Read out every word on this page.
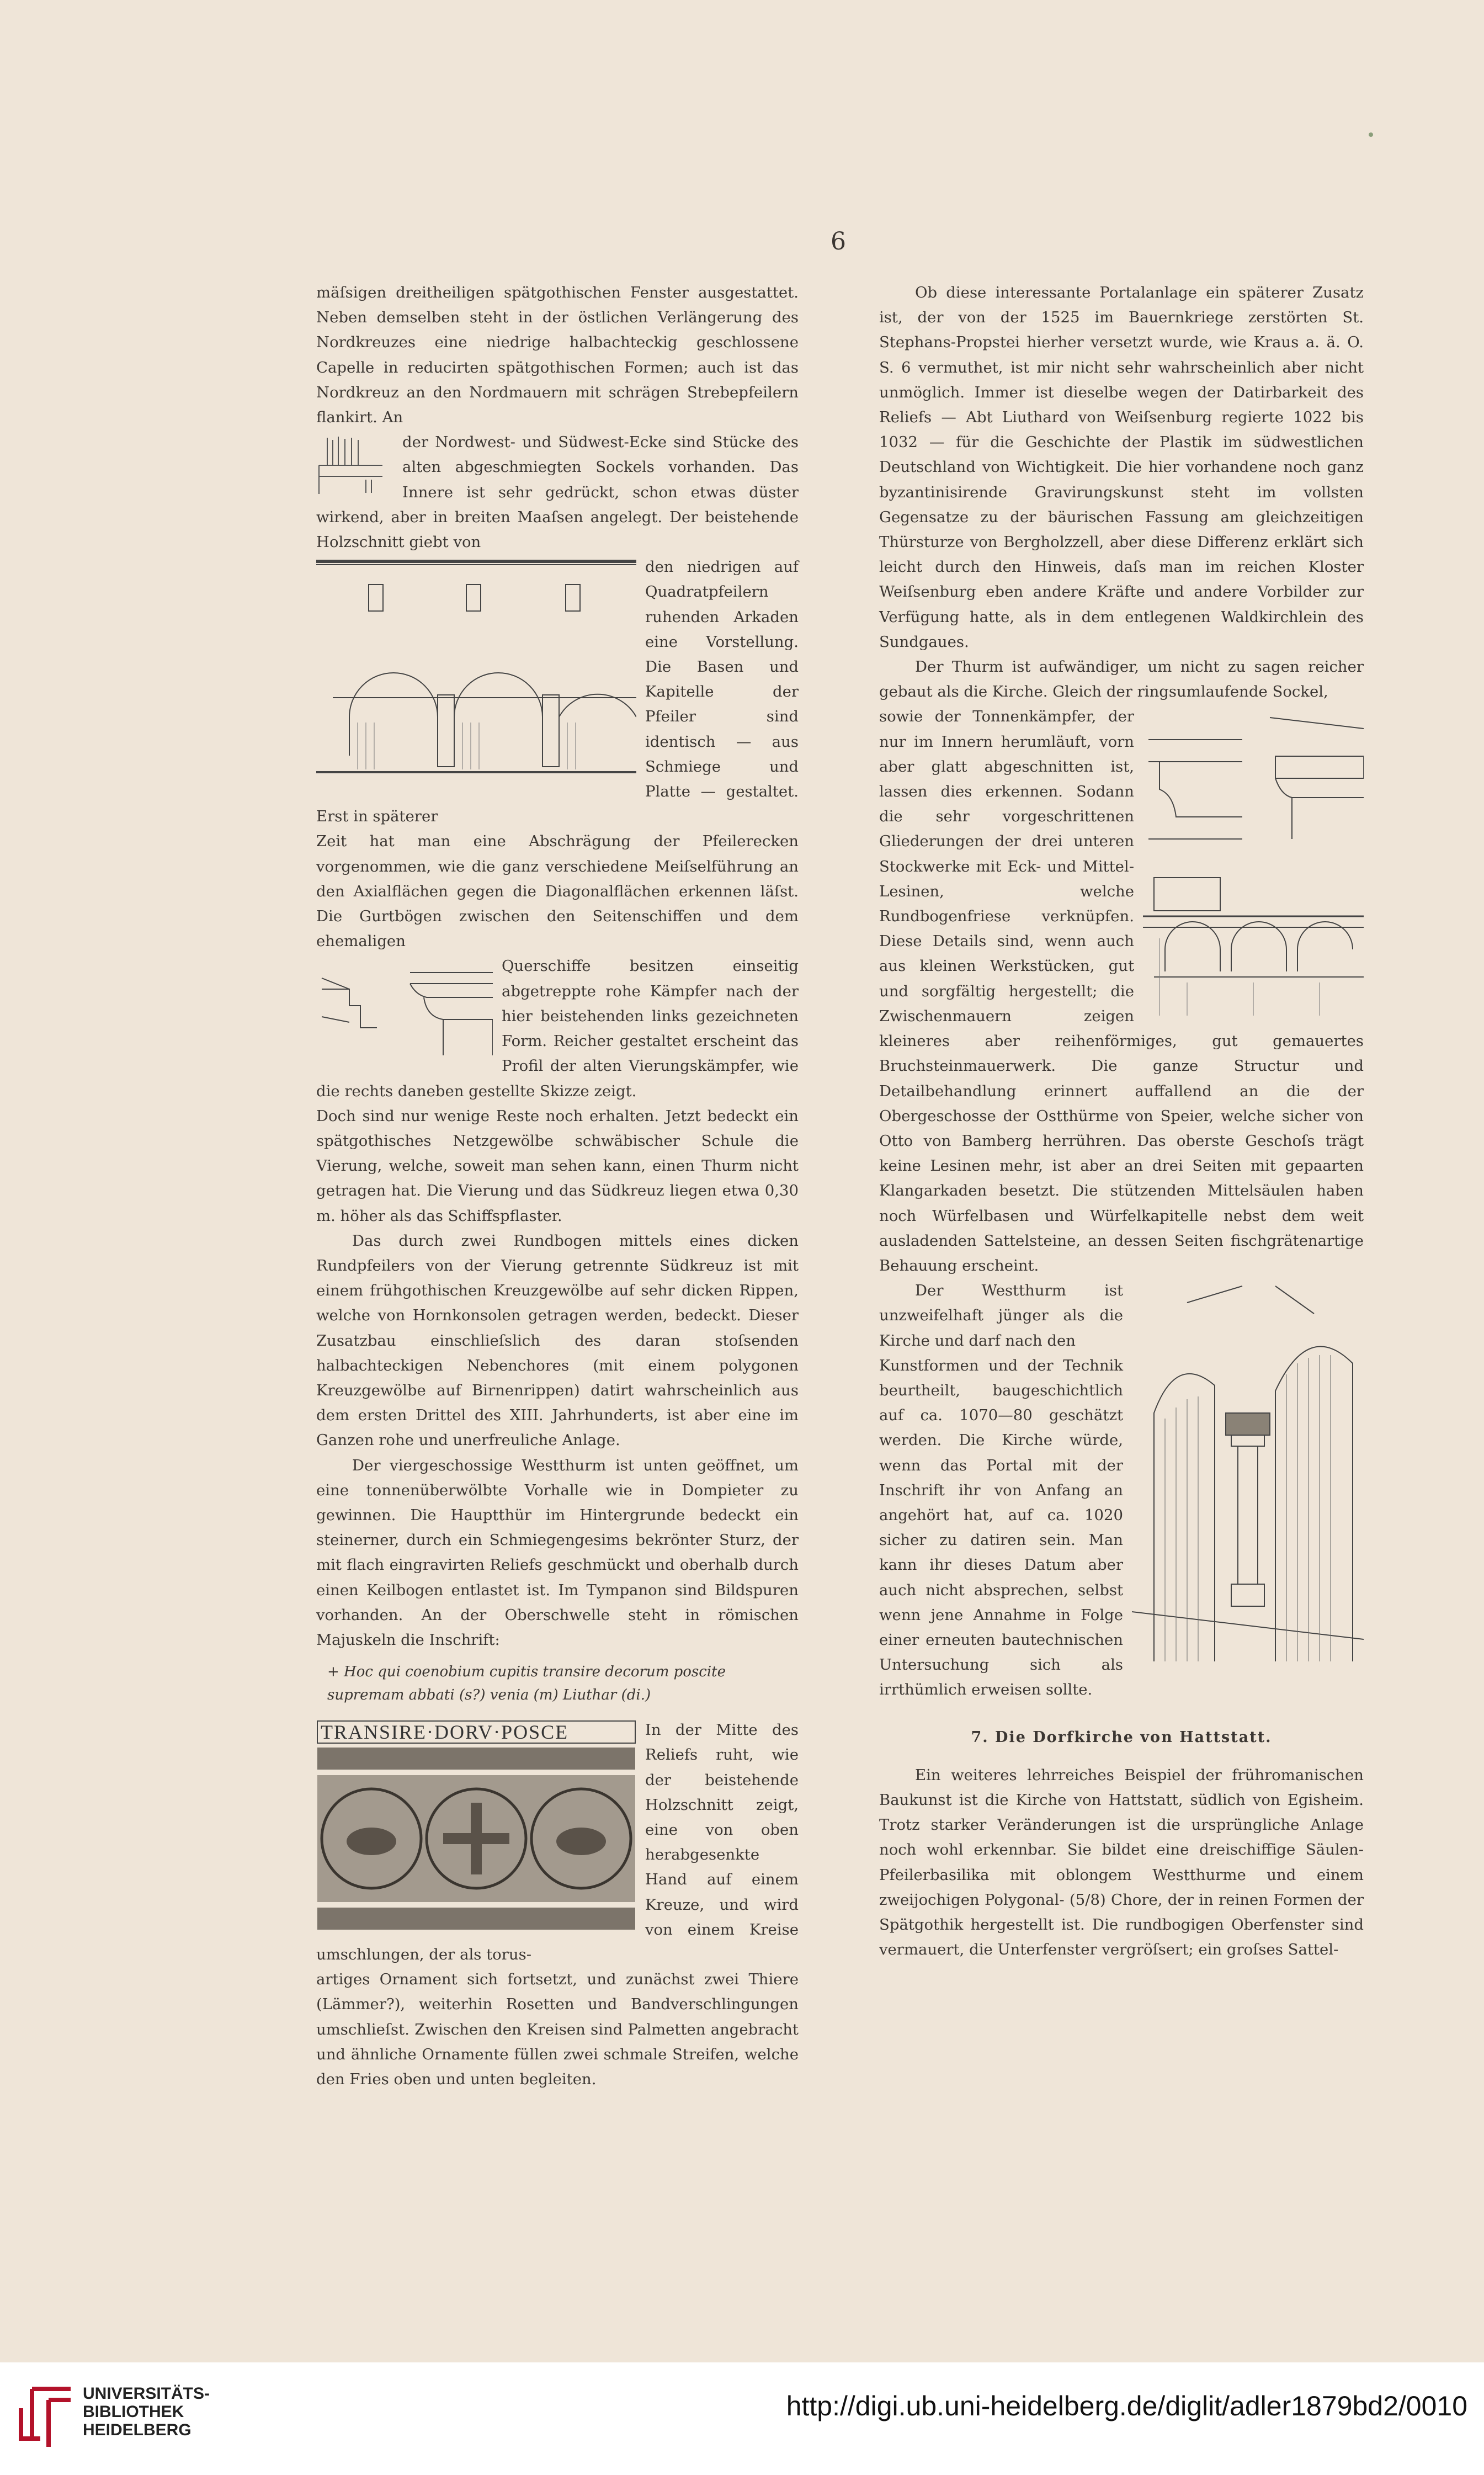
6

mäſsigen dreitheiligen spätgothischen Fenster ausgestattet. Neben demselben steht in der östlichen Verlängerung des Nordkreuzes eine niedrige halbachteckig geschlossene Capelle in reducirten spätgothischen Formen; auch ist das Nordkreuz an den Nordmauern mit schrägen Strebepfeilern flankirt. An

der Nordwest- und Südwest-Ecke sind Stücke des alten abgeschmiegten Sockels vorhanden. Das Innere ist sehr gedrückt, schon etwas düster wirkend, aber in breiten Maaſsen angelegt. Der beistehende Holzschnitt giebt von

den niedrigen auf Quadratpfeilern ruhenden Arkaden eine Vorstellung. Die Basen und Kapitelle der Pfeiler sind identisch — aus Schmiege und Platte — gestaltet. Erst in späterer

Zeit hat man eine Abschrägung der Pfeilerecken vorgenommen, wie die ganz verschiedene Meiſselführung an den Axialflächen gegen die Diagonalflächen erkennen läſst. Die Gurtbögen zwischen den Seitenschiffen und dem ehemaligen

Querschiffe besitzen einseitig abgetreppte rohe Kämpfer nach der hier beistehenden links gezeichneten Form. Reicher gestaltet erscheint das Profil der alten Vierungskämpfer, wie die rechts daneben gestellte Skizze zeigt.

Doch sind nur wenige Reste noch erhalten. Jetzt bedeckt ein spätgothisches Netzgewölbe schwäbischer Schule die Vierung, welche, soweit man sehen kann, einen Thurm nicht getragen hat. Die Vierung und das Südkreuz liegen etwa 0,30 m. höher als das Schiffspflaster.

Das durch zwei Rundbogen mittels eines dicken Rundpfeilers von der Vierung getrennte Südkreuz ist mit einem frühgothischen Kreuzgewölbe auf sehr dicken Rippen, welche von Hornkonsolen getragen werden, bedeckt. Dieser Zusatzbau einschlieſslich des daran stoſsenden halbachteckigen Nebenchores (mit einem polygonen Kreuzgewölbe auf Birnenrippen) datirt wahrscheinlich aus dem ersten Drittel des XIII. Jahrhunderts, ist aber eine im Ganzen rohe und unerfreuliche Anlage.

Der viergeschossige Westthurm ist unten geöffnet, um eine tonnenüberwölbte Vorhalle wie in Dompieter zu gewinnen. Die Hauptthür im Hintergrunde bedeckt ein steinerner, durch ein Schmiegengesims bekrönter Sturz, der mit flach eingravirten Reliefs geschmückt und oberhalb durch einen Keilbogen entlastet ist. Im Tympanon sind Bildspuren vorhanden. An der Oberschwelle steht in römischen Majuskeln die Inschrift:

+ Hoc qui coenobium cupitis transire decorum poscite supremam abbati (s?) venia (m) Liuthar (di.)
TRANSIRE·DORV·POSCE	In der Mitte des Reliefs ruht, wie der beistehende Holzschnitt zeigt, eine von oben herabgesenkte Hand auf einem Kreuze, und wird von einem Kreise umschlungen, der als torus-

artiges Ornament sich fortsetzt, und zunächst zwei Thiere (Lämmer?), weiterhin Rosetten und Bandverschlingungen umschlieſst. Zwischen den Kreisen sind Palmetten angebracht und ähnliche Ornamente füllen zwei schmale Streifen, welche den Fries oben und unten begleiten.

Ob diese interessante Portalanlage ein späterer Zusatz ist, der von der 1525 im Bauernkriege zerstörten St. Stephans-Propstei hierher versetzt wurde, wie Kraus a. ä. O. S. 6 vermuthet, ist mir nicht sehr wahrscheinlich aber nicht unmöglich. Immer ist dieselbe wegen der Datirbarkeit des Reliefs — Abt Liuthard von Weiſsenburg regierte 1022 bis 1032 — für die Geschichte der Plastik im südwestlichen Deutschland von Wichtigkeit. Die hier vorhandene noch ganz byzantinisirende Gravirungskunst steht im vollsten Gegensatze zu der bäurischen Fassung am gleichzeitigen Thürsturze von Bergholzzell, aber diese Differenz erklärt sich leicht durch den Hinweis, daſs man im reichen Kloster Weiſsenburg eben andere Kräfte und andere Vorbilder zur Verfügung hatte, als in dem entlegenen Waldkirchlein des Sundgaues.

Der Thurm ist aufwändiger, um nicht zu sagen reicher gebaut als die Kirche. Gleich der ringsumlaufende Sockel,

sowie der Tonnenkämpfer, der nur im Innern herumläuft, vorn aber glatt abgeschnitten ist, lassen dies erkennen. Sodann die sehr vorgeschrittenen Gliederungen der drei unteren Stockwerke mit Eck- und Mittel-Lesinen, welche Rundbogenfriese verknüpfen. Diese Details sind, wenn auch aus kleinen Werkstücken, gut und sorgfältig hergestellt; die Zwischenmauern zeigen kleineres aber reihenförmiges, gut gemauertes Bruchsteinmauerwerk. Die ganze Structur und Detailbehandlung erinnert auffallend an die der Obergeschosse der Ostthürme von Speier, welche sicher von Otto von Bamberg herrühren. Das oberste Geschoſs trägt keine Lesinen mehr, ist aber an drei Seiten mit gepaarten Klangarkaden besetzt. Die stützenden Mittelsäulen haben noch Würfelbasen und Würfelkapitelle nebst dem weit ausladenden Sattelsteine, an dessen Seiten fischgrätenartige Behauung erscheint.

Der Westthurm ist unzweifelhaft jünger als die Kirche und darf nach den

Kunstformen und der Technik beurtheilt, baugeschichtlich auf ca. 1070—80 geschätzt werden. Die Kirche würde, wenn das Portal mit der Inschrift ihr von Anfang an angehört hat, auf ca. 1020 sicher zu datiren sein. Man kann ihr dieses Datum aber auch nicht absprechen, selbst wenn jene Annahme in Folge einer erneuten bautechnischen Untersuchung sich als irrthümlich erweisen sollte.

7. Die Dorfkirche von Hattstatt.

Ein weiteres lehrreiches Beispiel der frühromanischen Baukunst ist die Kirche von Hattstatt, südlich von Egisheim. Trotz starker Veränderungen ist die ursprüngliche Anlage noch wohl erkennbar. Sie bildet eine dreischiffige Säulen-Pfeilerbasilika mit oblongem Westthurme und einem zweijochigen Polygonal- (5/8) Chore, der in reinen Formen der Spätgothik hergestellt ist. Die rundbogigen Oberfenster sind vermauert, die Unterfenster vergröſsert; ein groſses Sattel-

UNIVERSITÄTS-
BIBLIOTHEK
HEIDELBERG
http://digi.ub.uni-heidelberg.de/diglit/adler1879bd2/0010
